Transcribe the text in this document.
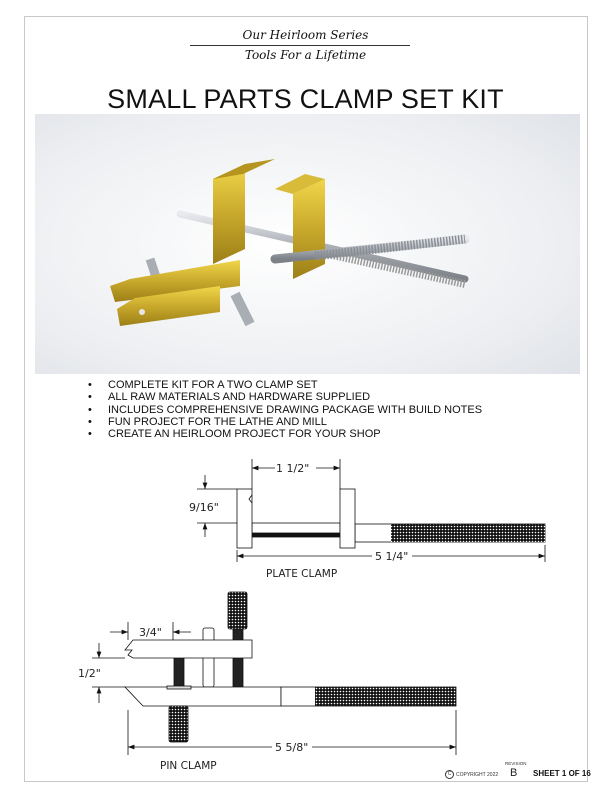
Our Heirloom Series
Tools For a Lifetime
SMALL PARTS CLAMP SET KIT
• COMPLETE KIT FOR A TWO CLAMP SET
• ALL RAW MATERIALS AND HARDWARE SUPPLIED
• INCLUDES COMPREHENSIVE DRAWING PACKAGE WITH BUILD NOTES
• FUN PROJECT FOR THE LATHE AND MILL
• CREATE AN HEIRLOOM PROJECT FOR YOUR SHOP
1 1/2"
9/16"
5 1/4"
PLATE CLAMP
3/4"
1/2"
5 5/8"
PIN CLAMP
C COPYRIGHT 2022
REVISION
B SHEET 1 OF 16
